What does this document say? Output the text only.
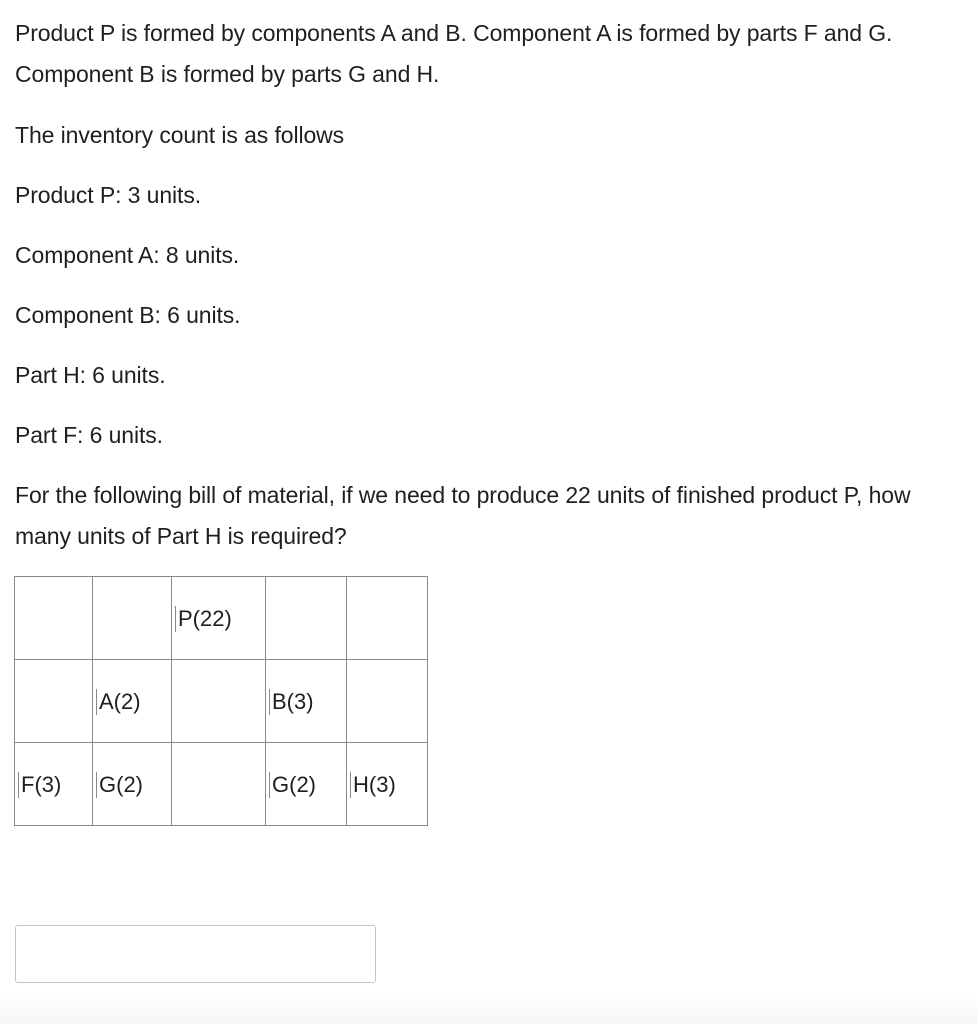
Product P is formed by components A and B. Component A is formed by parts F and G. Component B is formed by parts G and H.

The inventory count is as follows

Product P: 3 units.

Component A: 8 units.

Component B: 6 units.

Part H: 6 units.

Part F: 6 units.

For the following bill of material, if we need to produce 22 units of finished product P, how many units of Part H is required?

		P(22)		
	A(2)		B(3)	
F(3)	G(2)		G(2)	H(3)
